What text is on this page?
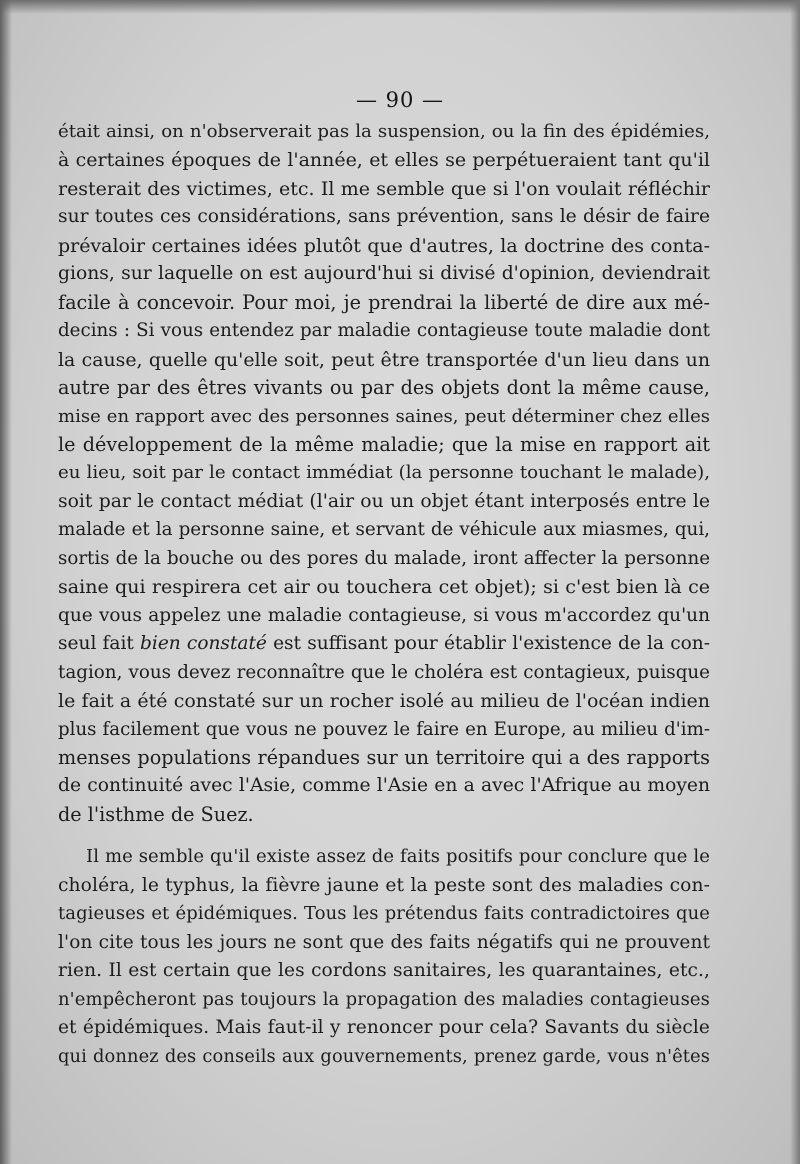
— 90 —

était ainsi, on n'observerait pas la suspension, ou la fin des épidémies,

à certaines époques de l'année, et elles se perpétueraient tant qu'il

resterait des victimes, etc. Il me semble que si l'on voulait réfléchir

sur toutes ces considérations, sans prévention, sans le désir de faire

prévaloir certaines idées plutôt que d'autres, la doctrine des conta-

gions, sur laquelle on est aujourd'hui si divisé d'opinion, deviendrait

facile à concevoir. Pour moi, je prendrai la liberté de dire aux mé-

decins : Si vous entendez par maladie contagieuse toute maladie dont

la cause, quelle qu'elle soit, peut être transportée d'un lieu dans un

autre par des êtres vivants ou par des objets dont la même cause,

mise en rapport avec des personnes saines, peut déterminer chez elles

le développement de la même maladie; que la mise en rapport ait

eu lieu, soit par le contact immédiat (la personne touchant le malade),

soit par le contact médiat (l'air ou un objet étant interposés entre le

malade et la personne saine, et servant de véhicule aux miasmes, qui,

sortis de la bouche ou des pores du malade, iront affecter la personne

saine qui respirera cet air ou touchera cet objet); si c'est bien là ce

que vous appelez une maladie contagieuse, si vous m'accordez qu'un

seul fait bien constaté est suffisant pour établir l'existence de la con-

tagion, vous devez reconnaître que le choléra est contagieux, puisque

le fait a été constaté sur un rocher isolé au milieu de l'océan indien

plus facilement que vous ne pouvez le faire en Europe, au milieu d'im-

menses populations répandues sur un territoire qui a des rapports

de continuité avec l'Asie, comme l'Asie en a avec l'Afrique au moyen

de l'isthme de Suez.

Il me semble qu'il existe assez de faits positifs pour conclure que le

choléra, le typhus, la fièvre jaune et la peste sont des maladies con-

tagieuses et épidémiques. Tous les prétendus faits contradictoires que

l'on cite tous les jours ne sont que des faits négatifs qui ne prouvent

rien. Il est certain que les cordons sanitaires, les quarantaines, etc.,

n'empêcheront pas toujours la propagation des maladies contagieuses

et épidémiques. Mais faut-il y renoncer pour cela? Savants du siècle

qui donnez des conseils aux gouvernements, prenez garde, vous n'êtes
